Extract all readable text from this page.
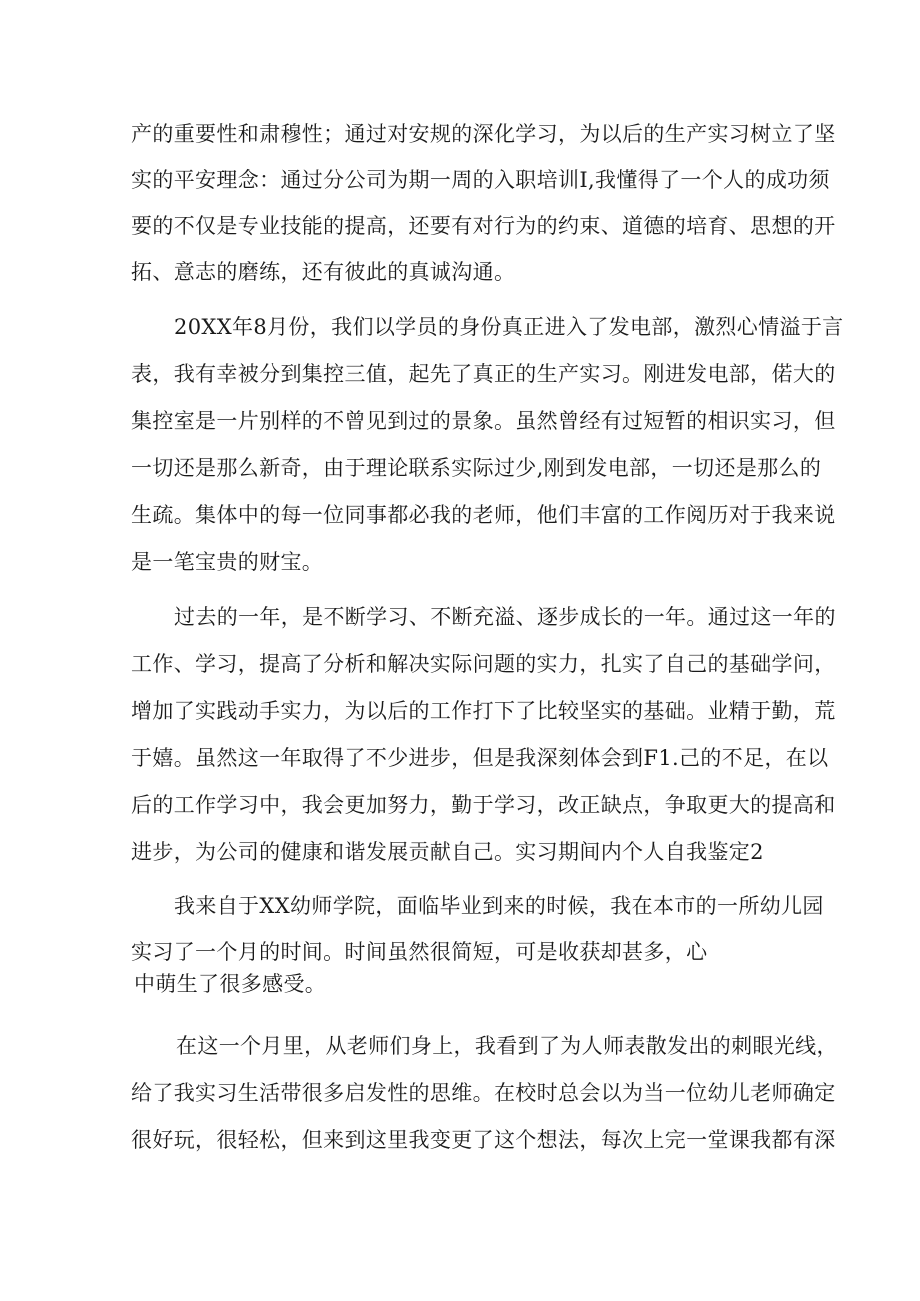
产的重要性和肃穆性；通过对安规的深化学习，为以后的生产实习树立了坚
实的平安理念：通过分公司为期一周的入职培训I,我懂得了一个人的成功须
要的不仅是专业技能的提高，还要有对行为的约束、道德的培育、思想的开
拓、意志的磨练，还有彼此的真诚沟通。
20XX年8月份，我们以学员的身份真正进入了发电部，激烈心情溢于言
表，我有幸被分到集控三值，起先了真正的生产实习。刚进发电部，偌大的
集控室是一片别样的不曾见到过的景象。虽然曾经有过短暂的相识实习，但
一切还是那么新奇，由于理论联系实际过少,刚到发电部，一切还是那么的
生疏。集体中的每一位同事都必我的老师，他们丰富的工作阅历对于我来说
是一笔宝贵的财宝。
过去的一年，是不断学习、不断充溢、逐步成长的一年。通过这一年的
工作、学习，提高了分析和解决实际问题的实力，扎实了自己的基础学问，
增加了实践动手实力，为以后的工作打下了比较坚实的基础。业精于勤，荒
于嬉。虽然这一年取得了不少进步，但是我深刻体会到F1.己的不足，在以
后的工作学习中，我会更加努力，勤于学习，改正缺点，争取更大的提高和
进步，为公司的健康和谐发展贡献自己。实习期间内个人自我鉴定2
我来自于XX幼师学院，面临毕业到来的时候，我在本市的一所幼儿园
实习了一个月的时间。时间虽然很简短，可是收获却甚多，心
中萌生了很多感受。
在这一个月里，从老师们身上，我看到了为人师表散发出的刺眼光线，
给了我实习生活带很多启发性的思维。在校时总会以为当一位幼儿老师确定
很好玩，很轻松，但来到这里我变更了这个想法，每次上完一堂课我都有深
